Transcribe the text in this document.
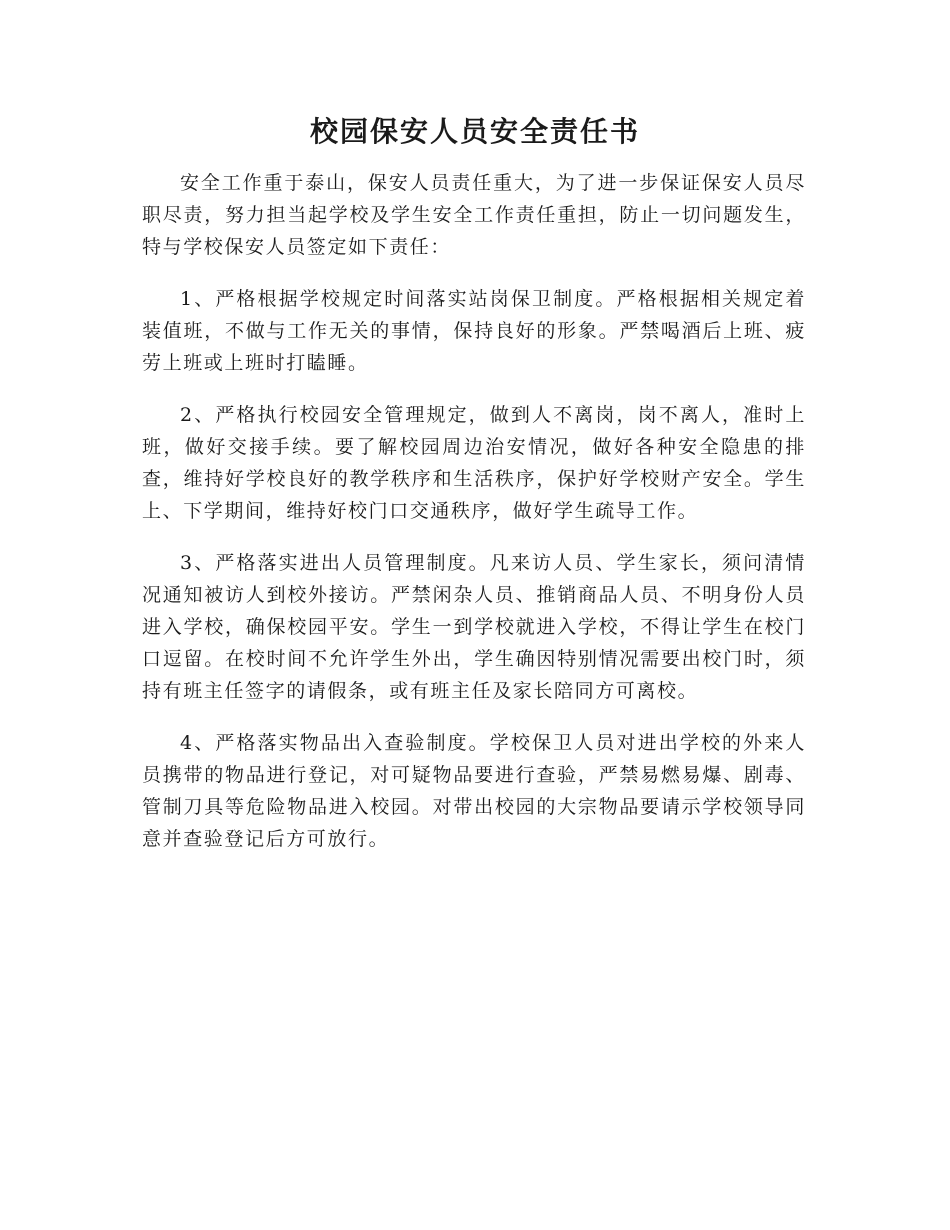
校园保安人员安全责任书

安全工作重于泰山，保安人员责任重大，为了进一步保证保安人员尽职尽责，努力担当起学校及学生安全工作责任重担，防止一切问题发生，特与学校保安人员签定如下责任：

1、严格根据学校规定时间落实站岗保卫制度。严格根据相关规定着装值班，不做与工作无关的事情，保持良好的形象。严禁喝酒后上班、疲劳上班或上班时打瞌睡。

2、严格执行校园安全管理规定，做到人不离岗，岗不离人，准时上班，做好交接手续。要了解校园周边治安情况，做好各种安全隐患的排查，维持好学校良好的教学秩序和生活秩序，保护好学校财产安全。学生上、下学期间，维持好校门口交通秩序，做好学生疏导工作。

3、严格落实进出人员管理制度。凡来访人员、学生家长，须问清情况通知被访人到校外接访。严禁闲杂人员、推销商品人员、不明身份人员进入学校，确保校园平安。学生一到学校就进入学校，不得让学生在校门口逗留。在校时间不允许学生外出，学生确因特别情况需要出校门时，须持有班主任签字的请假条，或有班主任及家长陪同方可离校。

4、严格落实物品出入查验制度。学校保卫人员对进出学校的外来人员携带的物品进行登记，对可疑物品要进行查验，严禁易燃易爆、剧毒、管制刀具等危险物品进入校园。对带出校园的大宗物品要请示学校领导同意并查验登记后方可放行。
